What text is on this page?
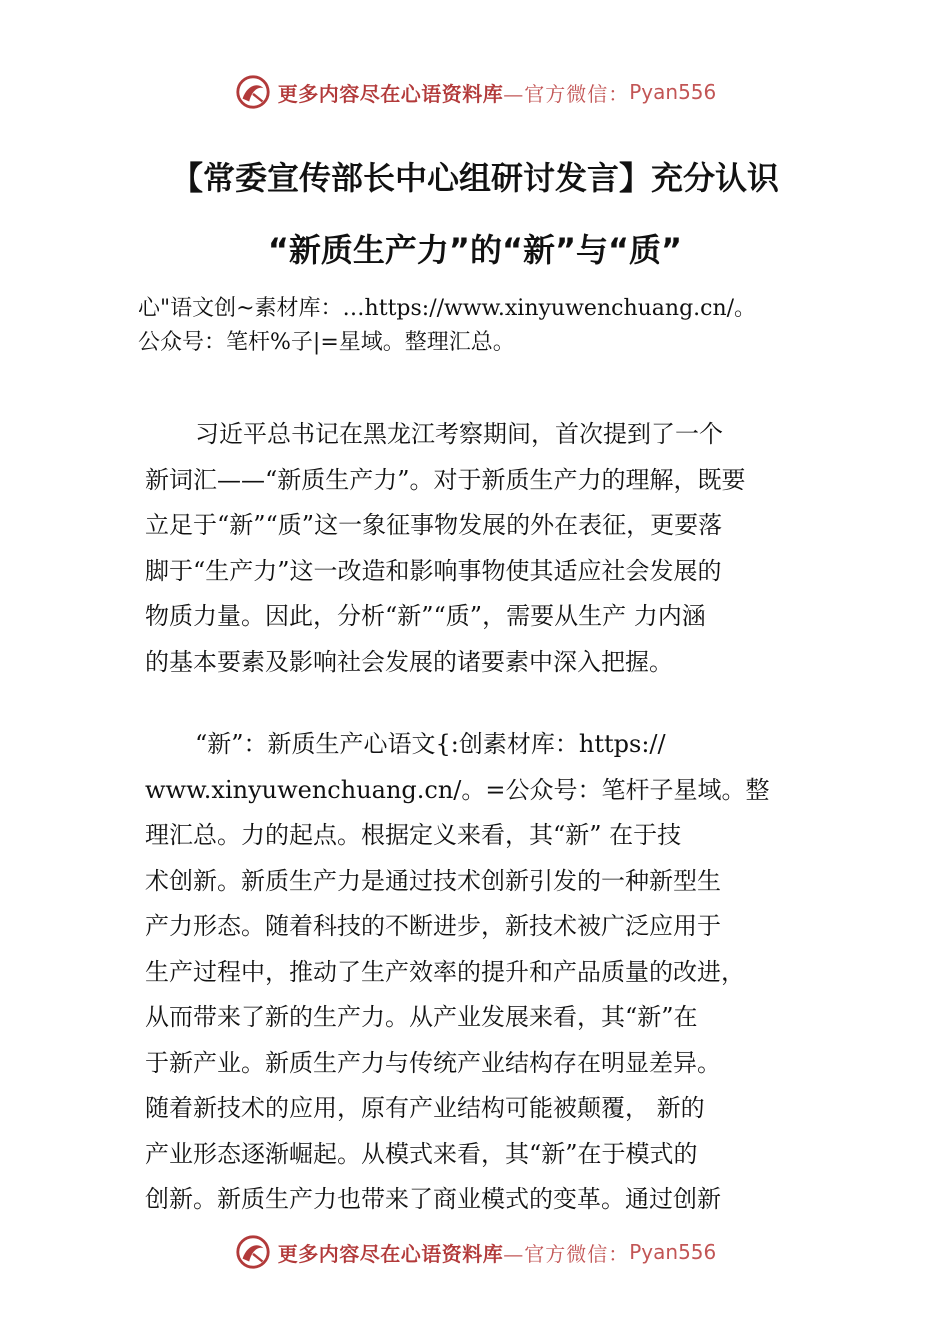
更多内容尽在心语资料库 —官方微信： Pyan556
【常委宣传部长中心组研讨发言】充分认识
“新质生产力”的“新”与“质”
心"语文创~素材库：…https://www.xinyuwenchuang.cn/。
公众号：笔杆%子|=星域。整理汇总。
习近平总书记在黑龙江考察期间，首次提到了一个
新词汇——“新质生产力”。对于新质生产力的理解，既要
立足于“新”“质”这一象征事物发展的外在表征，更要落
脚于“生产力”这一改造和影响事物使其适应社会发展的
物质力量。因此，分析“新”“质”，需要从生产 力内涵
的基本要素及影响社会发展的诸要素中深入把握。
“新”：新质生产心语文{:创素材库：https://
www.xinyuwenchuang.cn/。=公众号：笔杆子星域。整
理汇总。力的起点。根据定义来看，其“新” 在于技
术创新。新质生产力是通过技术创新引发的一种新型生
产力形态。随着科技的不断进步，新技术被广泛应用于
生产过程中，推动了生产效率的提升和产品质量的改进，
从而带来了新的生产力。从产业发展来看，其“新”在
于新产业。新质生产力与传统产业结构存在明显差异。
随着新技术的应用，原有产业结构可能被颠覆， 新的
产业形态逐渐崛起。从模式来看，其“新”在于模式的
创新。新质生产力也带来了商业模式的变革。通过创新
更多内容尽在心语资料库 —官方微信： Pyan556
